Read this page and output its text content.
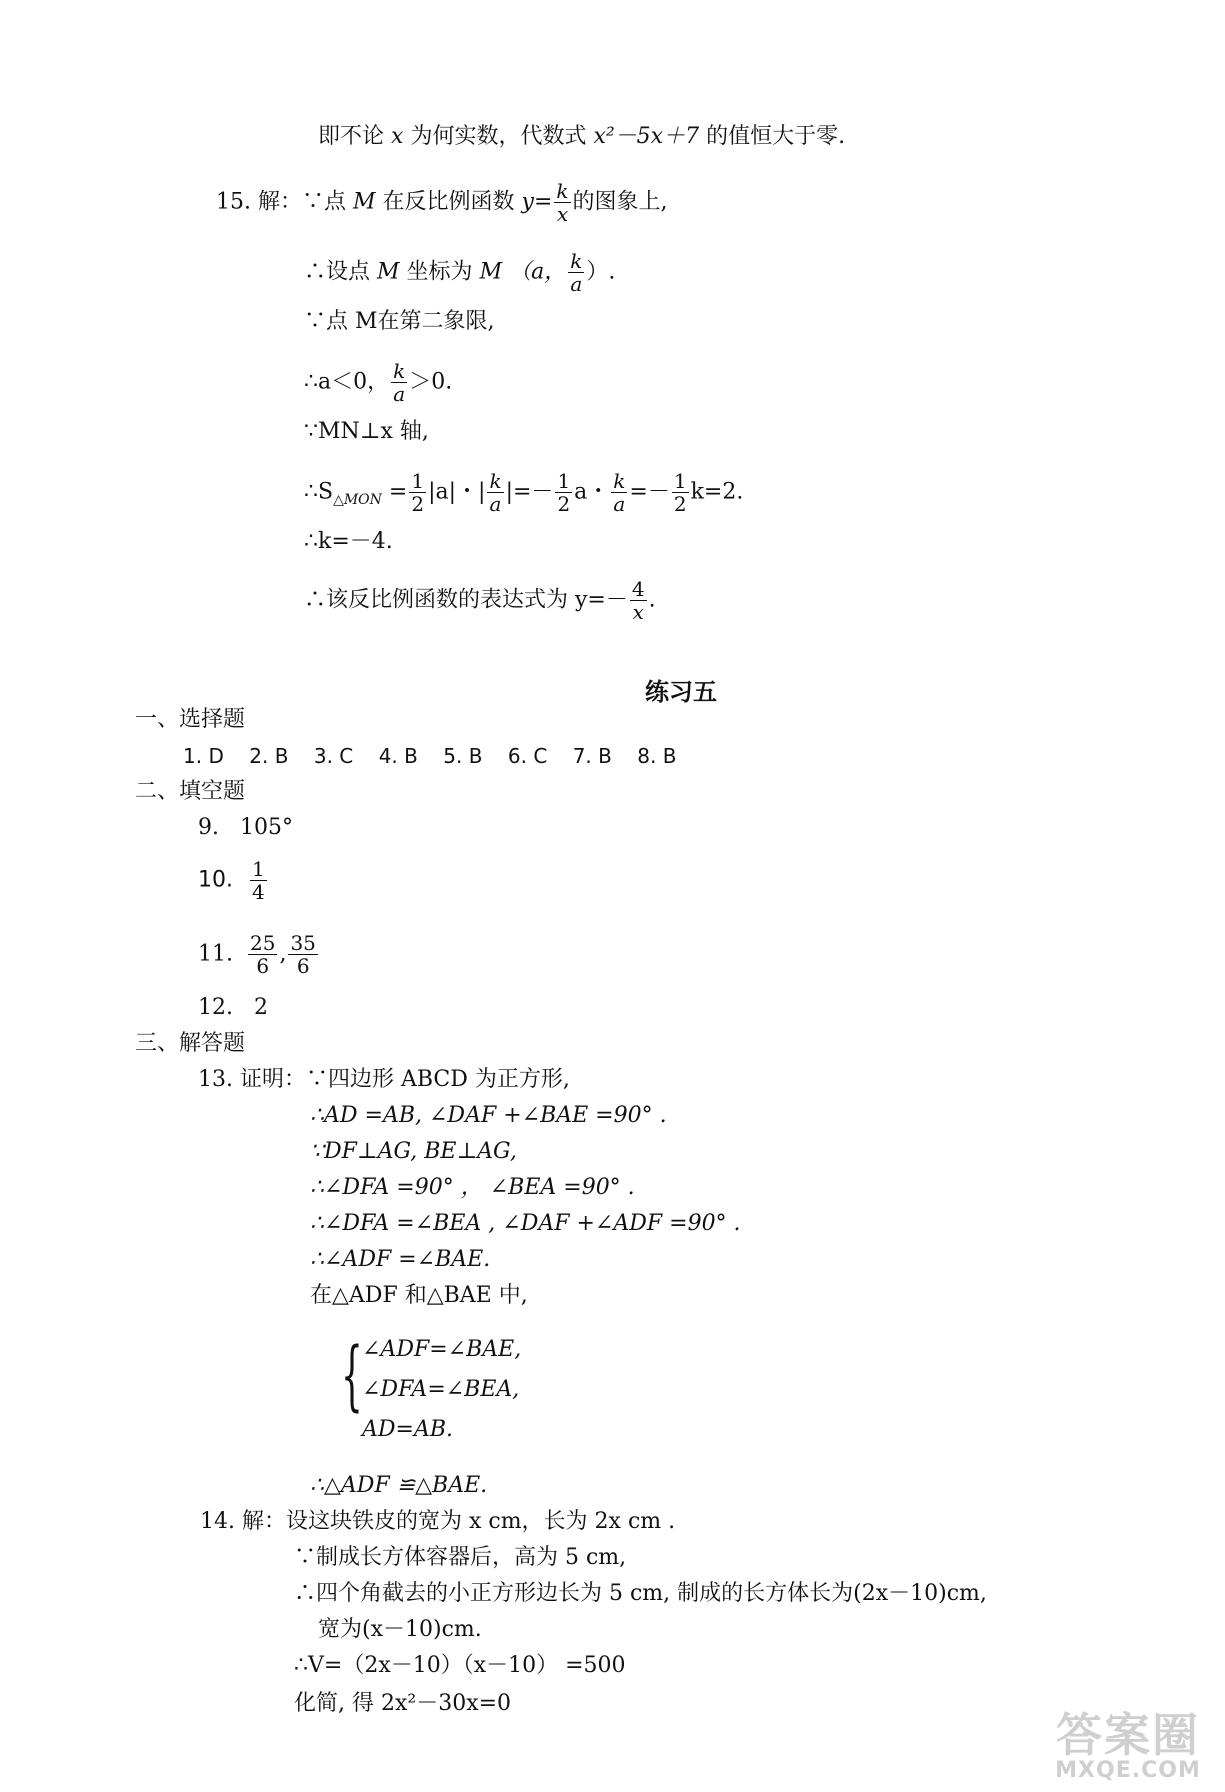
即不论 x 为何实数，代数式 x²－5x＋7 的值恒大于零.
15. 解：∵点 M 在反比例函数 $y= \frac{k}{x}$ 的图象上,
∴设点 M 坐标为 M （a， $\frac{k}{a}$ ）.
∵点 M在第二象限,
∴a＜0， $\frac{k}{a} >0$.
∵MN⊥x 轴,
$\therefore S_{\triangle MON} = \frac{1}{2} |a|$・| $\frac{k}{a}$ |=－ $\frac{1}{2}$ a・ $\frac{k}{a} =- \frac{1}{2} k=2$.
∴k=－4.
∴该反比例函数的表达式为 $y=- \frac{4}{x}$ .
练习五
一、选择题
1. D    2. B    3. C    4. B    5. B    6. C    7. B    8. B
二、填空题
9. 105°
10. $\frac{1}{4}$
11. $\frac{25}{6}$ , $\frac{35}{6}$
12. 2
三、解答题
13. 证明：∵四边形 ABCD 为正方形,
∴AD =AB, ∠DAF +∠BAE =90° .
∵DF⊥AG, BE⊥AG,
∴∠DFA =90° ， ∠BEA =90° .
∴∠DFA =∠BEA , ∠DAF +∠ADF =90° .
∴∠ADF =∠BAE.
在△ADF 和△BAE 中,
{ ∠ADF=∠BAE,
∠DFA=∠BEA,
AD=AB.
∴△ADF ≌△BAE.
14. 解：设这块铁皮的宽为 x cm，长为 2x cm .
∵制成长方体容器后，高为 5 cm,
∴四个角截去的小正方形边长为 5 cm, 制成的长方体长为(2x－10)cm,
宽为(x－10)cm.
∴V=（2x－10）（x－10） =500
化简, 得 2x²－30x=0
答案圈
MXQE.COM
